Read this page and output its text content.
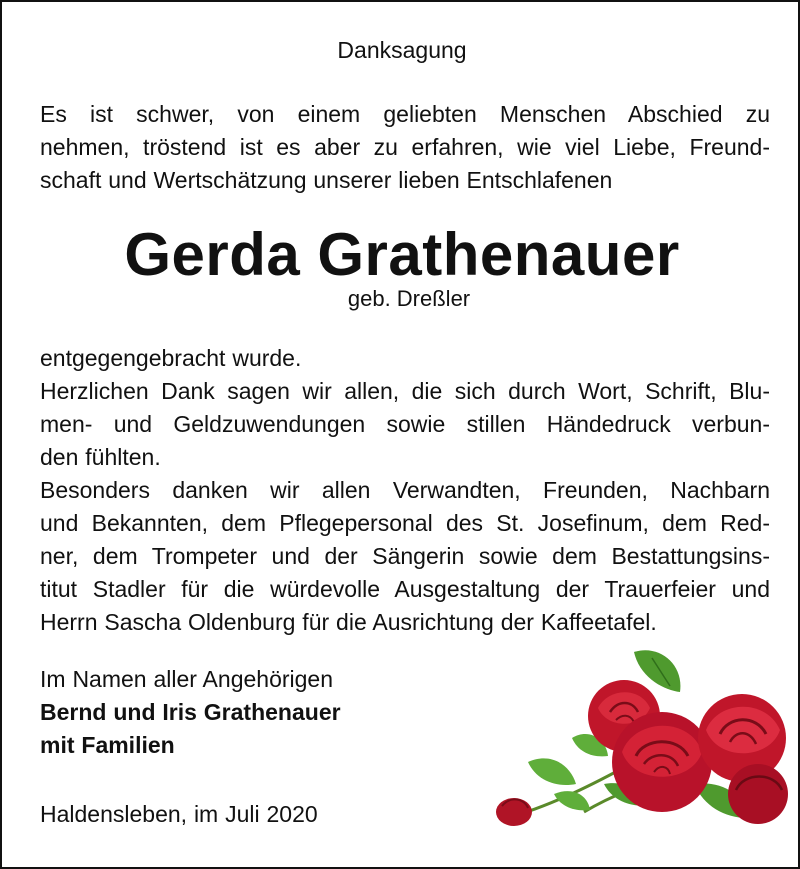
Danksagung
Es ist schwer, von einem geliebten Menschen Abschied zu
nehmen, tröstend ist es aber zu erfahren, wie viel Liebe, Freund-
schaft und Wertschätzung unserer lieben Entschlafenen
Gerda Grathenauer
geb. Dreßler
entgegengebracht wurde.
Herzlichen Dank sagen wir allen, die sich durch Wort, Schrift, Blu-
men- und Geldzuwendungen sowie stillen Händedruck verbun-
den fühlten.
Besonders danken wir allen Verwandten, Freunden, Nachbarn
und Bekannten, dem Pflegepersonal des St. Josefinum, dem Red-
ner, dem Trompeter und der Sängerin sowie dem Bestattungsins-
titut Stadler für die würdevolle Ausgestaltung der Trauerfeier und
Herrn Sascha Oldenburg für die Ausrichtung der Kaffeetafel.
Im Namen aller Angehörigen
Bernd und Iris Grathenauer
mit Familien
Haldensleben, im Juli 2020
